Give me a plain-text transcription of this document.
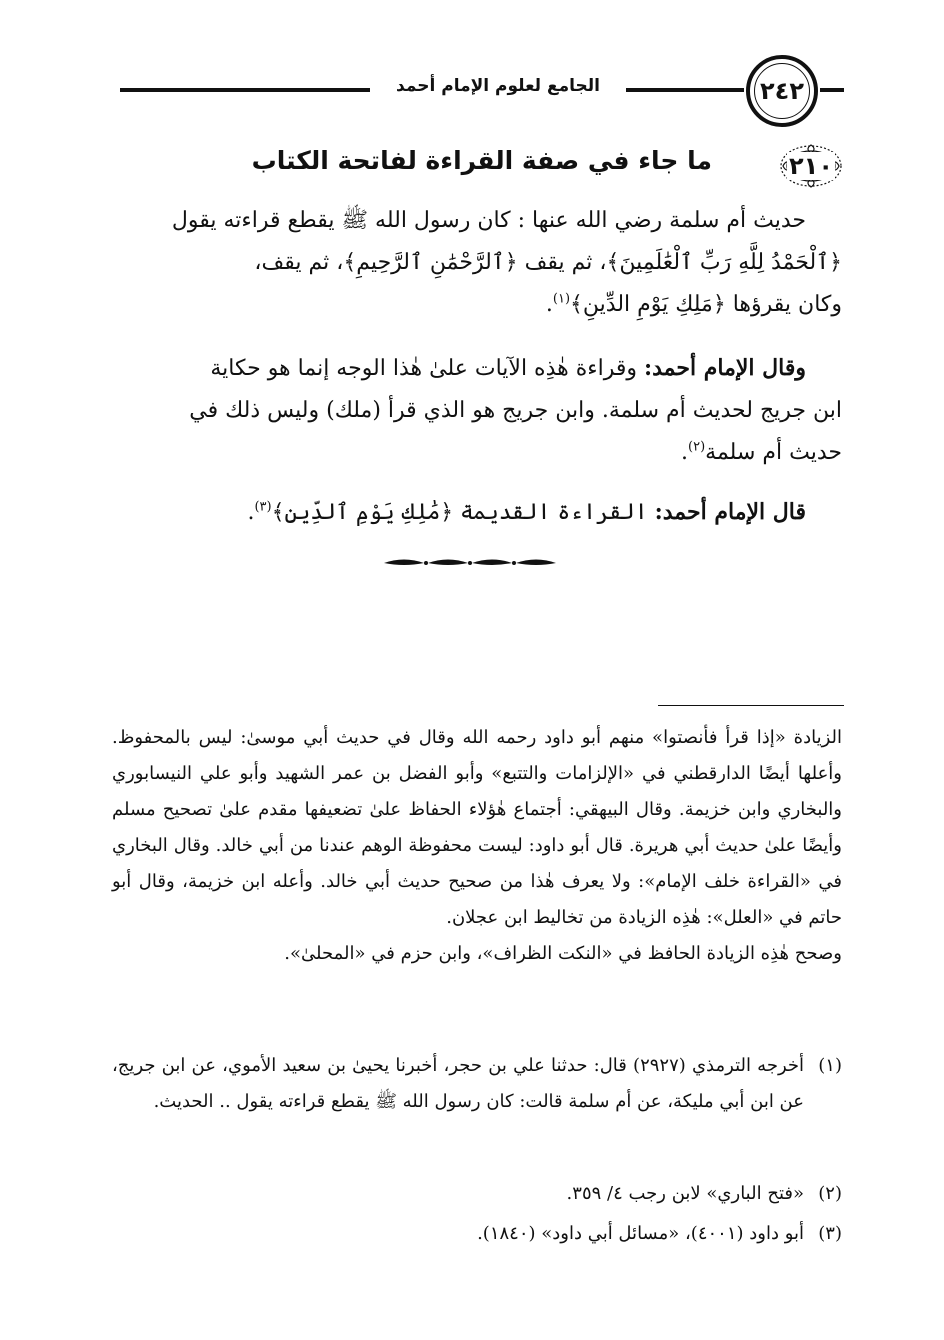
الجامع لعلوم الإمام أحمد	٢٤٢
٢١٠
ما جاء في صفة القراءة لفاتحة الكتاب

حديث أم سلمة رضي الله عنها : كان رسول الله ﷺ يقطع قراءته يقول

﴿ٱلْحَمْدُ لِلَّهِ رَبِّ ٱلْعَٰلَمِينَ﴾، ثم يقف ﴿ٱلرَّحْمَٰنِ ٱلرَّحِيمِ﴾، ثم يقف،

وكان يقرؤها ﴿مَلِكِ يَوْمِ الدِّينِ﴾$^{(١)}$.

وقال الإمام أحمد: وقراءة هٰذِه الآيات علىٰ هٰذا الوجه إنما هو حكاية

ابن جريج لحديث أم سلمة. وابن جريج هو الذي قرأ (ملك) وليس ذلك في

حديث أم سلمة$^{(٢)}$.

قال الإمام أحمد: القراءة القديمة ﴿مَٰلِكِ يَوْمِ ٱلدِّينِ﴾$^{(٣)}$.

الزيادة «إذا قرأ فأنصتوا» منهم أبو داود رحمه الله وقال في حديث أبي موسىٰ: ليس بالمحفوظ. وأعلها أيضًا الدارقطني في «الإلزامات والتتبع» وأبو الفضل بن عمر الشهيد وأبو علي النيسابوري والبخاري وابن خزيمة. وقال البيهقي: أجتماع هٰؤلاء الحفاظ علىٰ تضعيفها مقدم علىٰ تصحيح مسلم وأيضًا علىٰ حديث أبي هريرة. قال أبو داود: ليست محفوظة الوهم عندنا من أبي خالد. وقال البخاري في «القراءة خلف الإمام»: ولا يعرف هٰذا من صحيح حديث أبي خالد. وأعله ابن خزيمة، وقال أبو حاتم في «العلل»: هٰذِه الزيادة من تخاليط ابن عجلان.

وصحح هٰذِه الزيادة الحافظ في «النكت الظراف»، وابن حزم في «المحلىٰ».

(١)
أخرجه الترمذي (٢٩٢٧) قال: حدثنا علي بن حجر، أخبرنا يحيىٰ بن سعيد الأموي، عن ابن جريج، عن ابن أبي مليكة، عن أم سلمة قالت: كان رسول الله ﷺ يقطع قراءته يقول .. الحديث.
(٢)
«فتح الباري» لابن رجب ٤/ ٣٥٩.
(٣)
أبو داود (٤٠٠١)، «مسائل أبي داود» (١٨٤٠).
